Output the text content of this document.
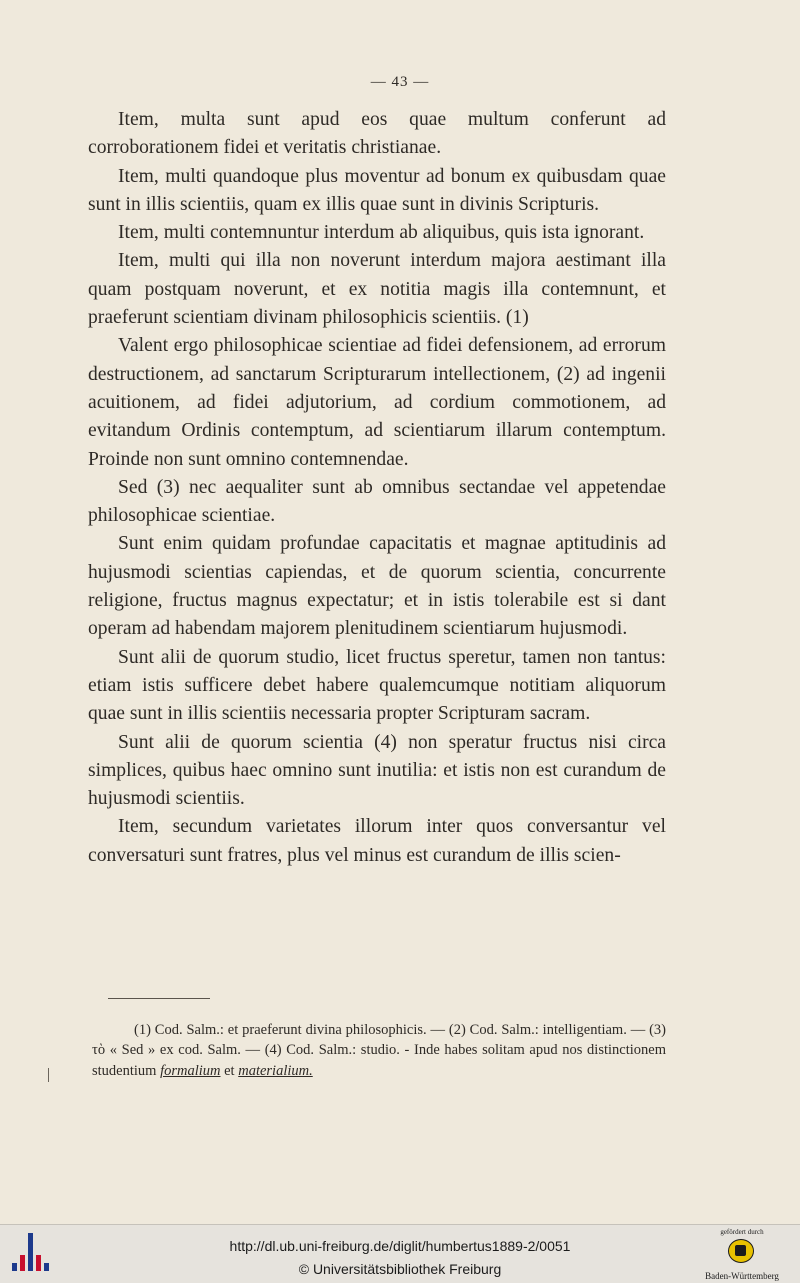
— 43 —

Item, multa sunt apud eos quae multum conferunt ad corroborationem fidei et veritatis christianae.

Item, multi quandoque plus moventur ad bonum ex quibusdam quae sunt in illis scientiis, quam ex illis quae sunt in divinis Scripturis.

Item, multi contemnuntur interdum ab aliquibus, quis ista ignorant.

Item, multi qui illa non noverunt interdum majora aestimant illa quam postquam noverunt, et ex notitia magis illa contemnunt, et praeferunt scientiam divinam philosophicis scientiis. (1)

Valent ergo philosophicae scientiae ad fidei defensionem, ad errorum destructionem, ad sanctarum Scripturarum intellectionem, (2) ad ingenii acuitionem, ad fidei adjutorium, ad cordium commotionem, ad evitandum Ordinis contemptum, ad scientiarum illarum contemptum. Proinde non sunt omnino contemnendae.

Sed (3) nec aequaliter sunt ab omnibus sectandae vel appetendae philosophicae scientiae.

Sunt enim quidam profundae capacitatis et magnae aptitudinis ad hujusmodi scientias capiendas, et de quorum scientia, concurrente religione, fructus magnus expectatur; et in istis tolerabile est si dant operam ad habendam majorem plenitudinem scientiarum hujusmodi.

Sunt alii de quorum studio, licet fructus speretur, tamen non tantus: etiam istis sufficere debet habere qualemcumque notitiam aliquorum quae sunt in illis scientiis necessaria propter Scripturam sacram.

Sunt alii de quorum scientia (4) non speratur fructus nisi circa simplices, quibus haec omnino sunt inutilia: et istis non est curandum de hujusmodi scientiis.

Item, secundum varietates illorum inter quos conversantur vel conversaturi sunt fratres, plus vel minus est curandum de illis scien-

(1) Cod. Salm.: et praeferunt divina philosophicis. — (2) Cod. Salm.: intelligentiam. — (3) τὸ « Sed » ex cod. Salm. — (4) Cod. Salm.: studio. - Inde habes solitam apud nos distinctionem studentium formalium et materialium.

http://dl.ub.uni-freiburg.de/diglit/humbertus1889-2/0051
© Universitätsbibliothek Freiburg
gefördert durch
Baden-Württemberg
